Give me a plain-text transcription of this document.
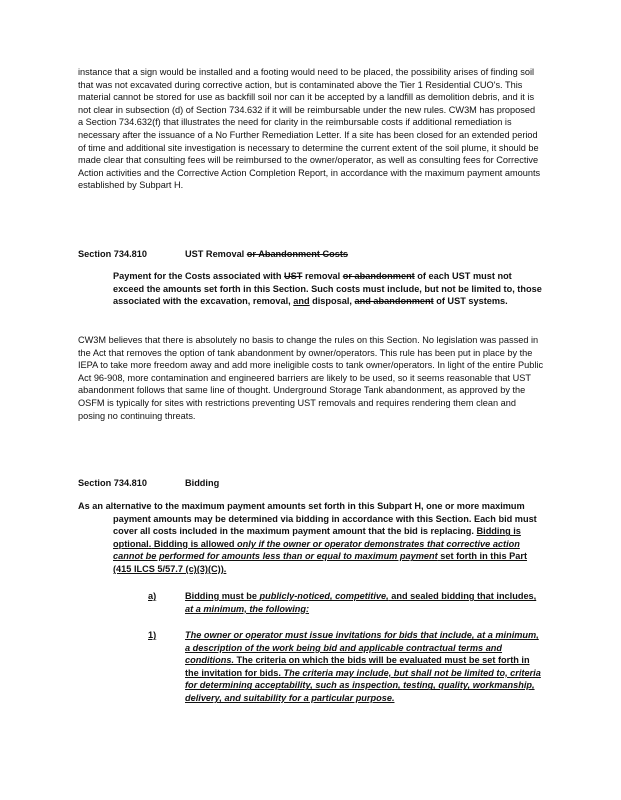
instance that a sign would be installed and a footing would need to be placed, the possibility arises of finding soil that was not excavated during corrective action, but is contaminated above the Tier 1 Residential CUO's. This material cannot be stored for use as backfill soil nor can it be accepted by a landfill as demolition debris, and it is not clear in subsection (d) of Section 734.632 if it will be reimbursable under the new rules. CW3M has proposed a Section 734.632(f) that illustrates the need for clarity in the reimbursable costs if additional remediation is necessary after the issuance of a No Further Remediation Letter. If a site has been closed for an extended period of time and additional site investigation is necessary to determine the current extent of the soil plume, it should be made clear that consulting fees will be reimbursed to the owner/operator, as well as consulting fees for Corrective Action activities and the Corrective Action Completion Report, in accordance with the maximum payment amounts established by Subpart H.

Section 734.810	UST Removal or Abandonment Costs

Payment for the Costs associated with UST removal or abandonment of each UST must not exceed the amounts set forth in this Section. Such costs must include, but not be limited to, those associated with the excavation, removal, and disposal, and abandonment of UST systems.

CW3M believes that there is absolutely no basis to change the rules on this Section. No legislation was passed in the Act that removes the option of tank abandonment by owner/operators. This rule has been put in place by the IEPA to take more freedom away and add more ineligible costs to tank owner/operators. In light of the entire Public Act 96-908, more contamination and engineered barriers are likely to be used, so it seems reasonable that UST abandonment follows that same line of thought. Underground Storage Tank abandonment, as approved by the OSFM is typically for sites with restrictions preventing UST removals and requires rendering them clean and posing no continuing threats.

Section 734.810	Bidding

As an alternative to the maximum payment amounts set forth in this Subpart H, one or more maximum payment amounts may be determined via bidding in accordance with this Section. Each bid must cover all costs included in the maximum payment amount that the bid is replacing. Bidding is optional. Bidding is allowed only if the owner or operator demonstrates that corrective action cannot be performed for amounts less than or equal to maximum payment set forth in this Part (415 ILCS 5/57.7 (c)(3)(C)).

a)	Bidding must be publicly-noticed, competitive, and sealed bidding that includes, at a minimum, the following:

1)	The owner or operator must issue invitations for bids that include, at a minimum, a description of the work being bid and applicable contractual terms and conditions. The criteria on which the bids will be evaluated must be set forth in the invitation for bids. The criteria may include, but shall not be limited to, criteria for determining acceptability, such as inspection, testing, quality, workmanship, delivery, and suitability for a particular purpose.
